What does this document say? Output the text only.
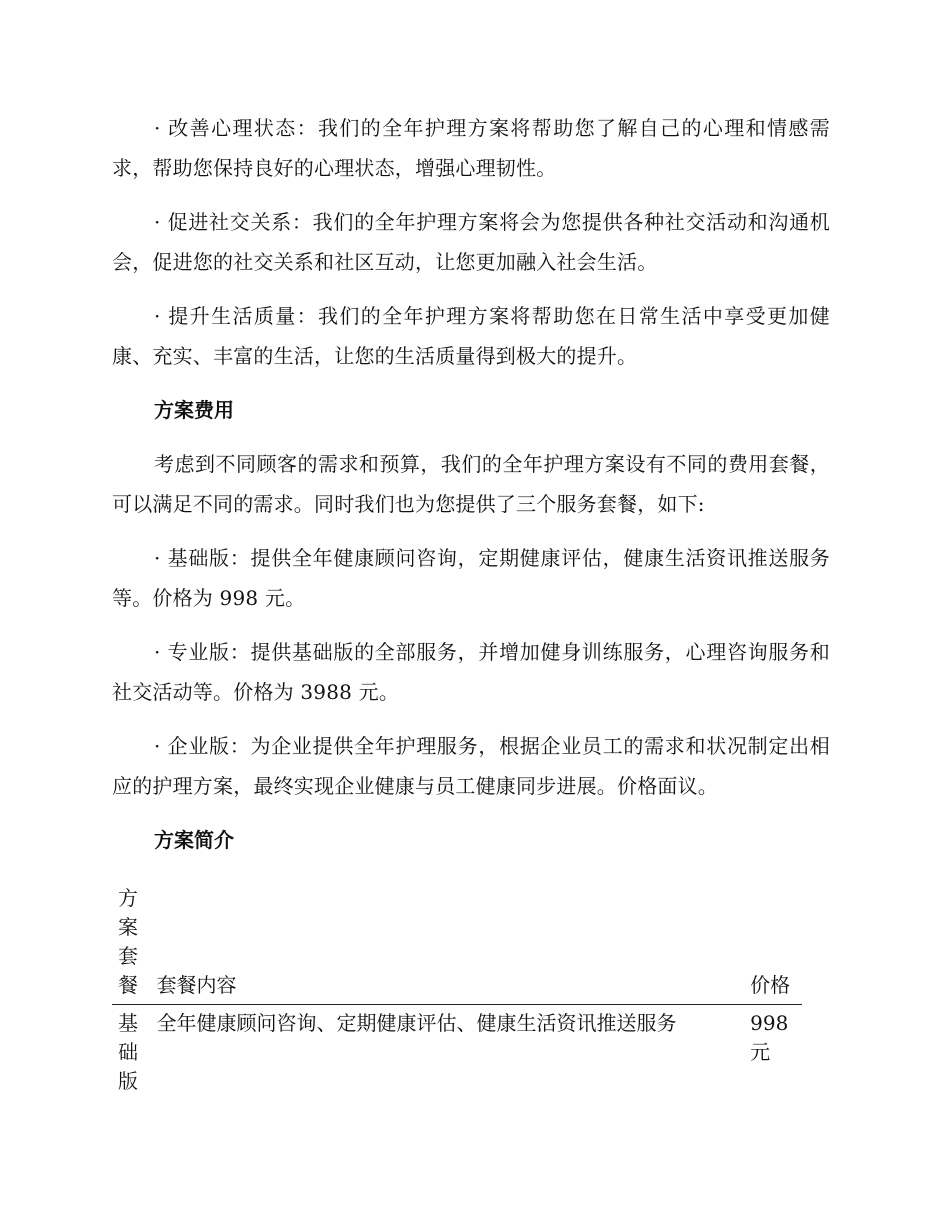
· 改善心理状态：我们的全年护理方案将帮助您了解自己的心理和情感需求，帮助您保持良好的心理状态，增强心理韧性。

· 促进社交关系：我们的全年护理方案将会为您提供各种社交活动和沟通机会，促进您的社交关系和社区互动，让您更加融入社会生活。

· 提升生活质量：我们的全年护理方案将帮助您在日常生活中享受更加健康、充实、丰富的生活，让您的生活质量得到极大的提升。

方案费用

考虑到不同顾客的需求和预算，我们的全年护理方案设有不同的费用套餐，可以满足不同的需求。同时我们也为您提供了三个服务套餐，如下:

· 基础版：提供全年健康顾问咨询，定期健康评估，健康生活资讯推送服务等。价格为 998 元。

· 专业版：提供基础版的全部服务，并增加健身训练服务，心理咨询服务和社交活动等。价格为 3988 元。

· 企业版：为企业提供全年护理服务，根据企业员工的需求和状况制定出相应的护理方案，最终实现企业健康与员工健康同步进展。价格面议。

方案简介
方案套餐	套餐内容	价格

基础版	全年健康顾问咨询、定期健康评估、健康生活资讯推送服务	998元
